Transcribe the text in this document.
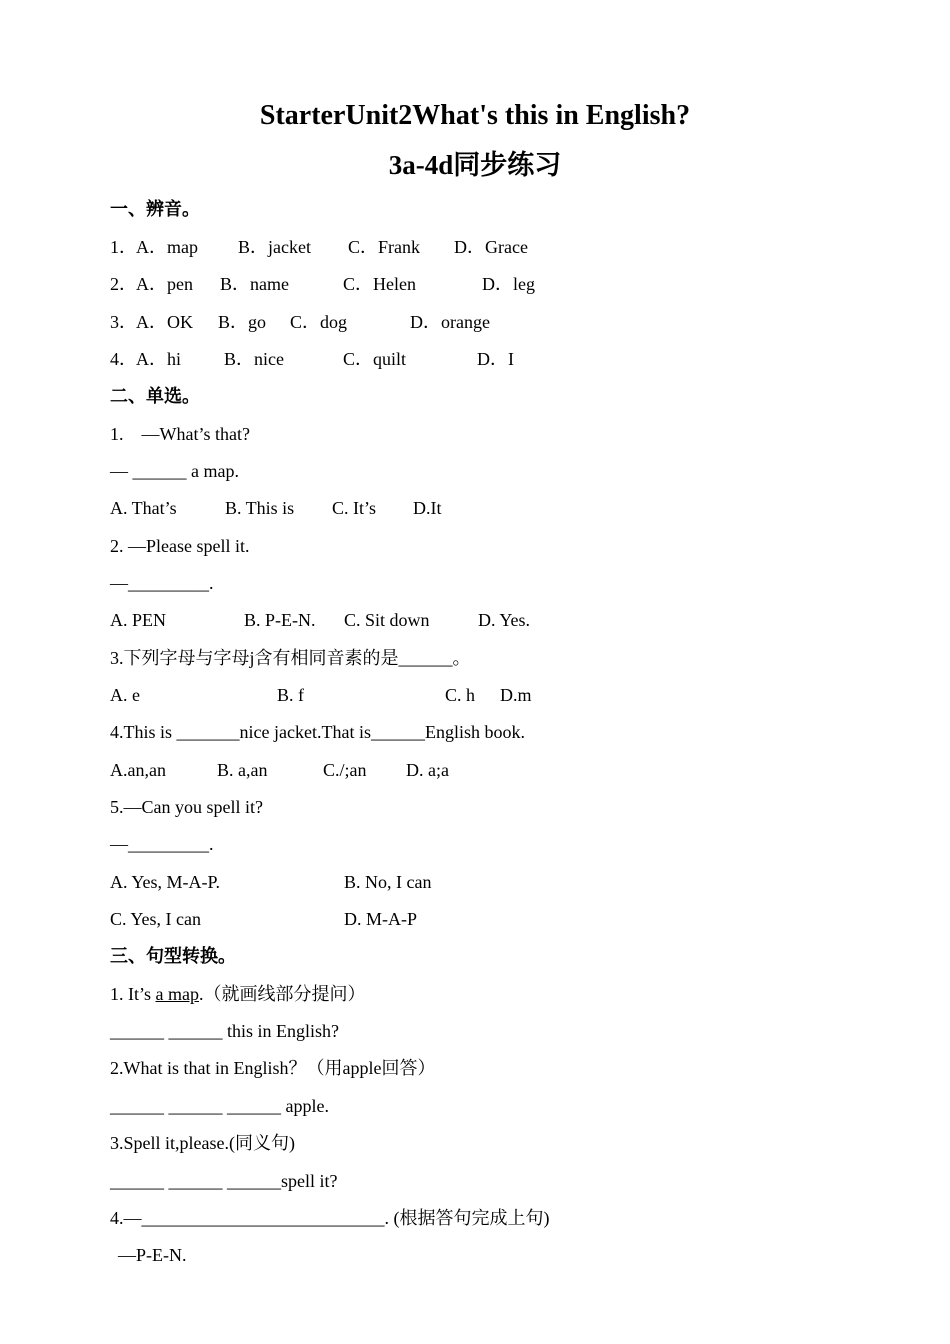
StarterUnit2What's this in English?
3a-4d同步练习
一、辨音。

1．

A．map

B．jacket

C．Frank

D．Grace

2．

A．pen

B．name

	C．Helen

	D．leg

3．

A．OK

B．go

C．dog

	D．orange

4．

A．hi

B．nice

	C．quilt

	D．I

二、单选。
1.    —What’s that?
— ______ a map.

A. That’s

	B. This is

C. It’s

D.It

2. —Please spell it.
—_________.

A. PEN

	B. P-E-N.

C. Sit down

	D. Yes.

3.下列字母与字母j含有相同音素的是______。

A. e

	B. f

	C. h

D.m

4.This is _______nice jacket.That is______English book.

A.an,an

	B. a,an

	C./;an

D. a;a

5.—Can you spell it?
—_________.

A. Yes, M-A-P.

	B. No, I can

C. Yes, I can

	D. M-A-P

三、句型转换。
1. It’s a map.（就画线部分提问）
______ ______ this in English?
2.What is that in English？（用apple回答）
______ ______ ______ apple.
3.Spell it,please.(同义句)
______ ______ ______spell it?
4.—___________________________. (根据答句完成上句)
—P-E-N.
